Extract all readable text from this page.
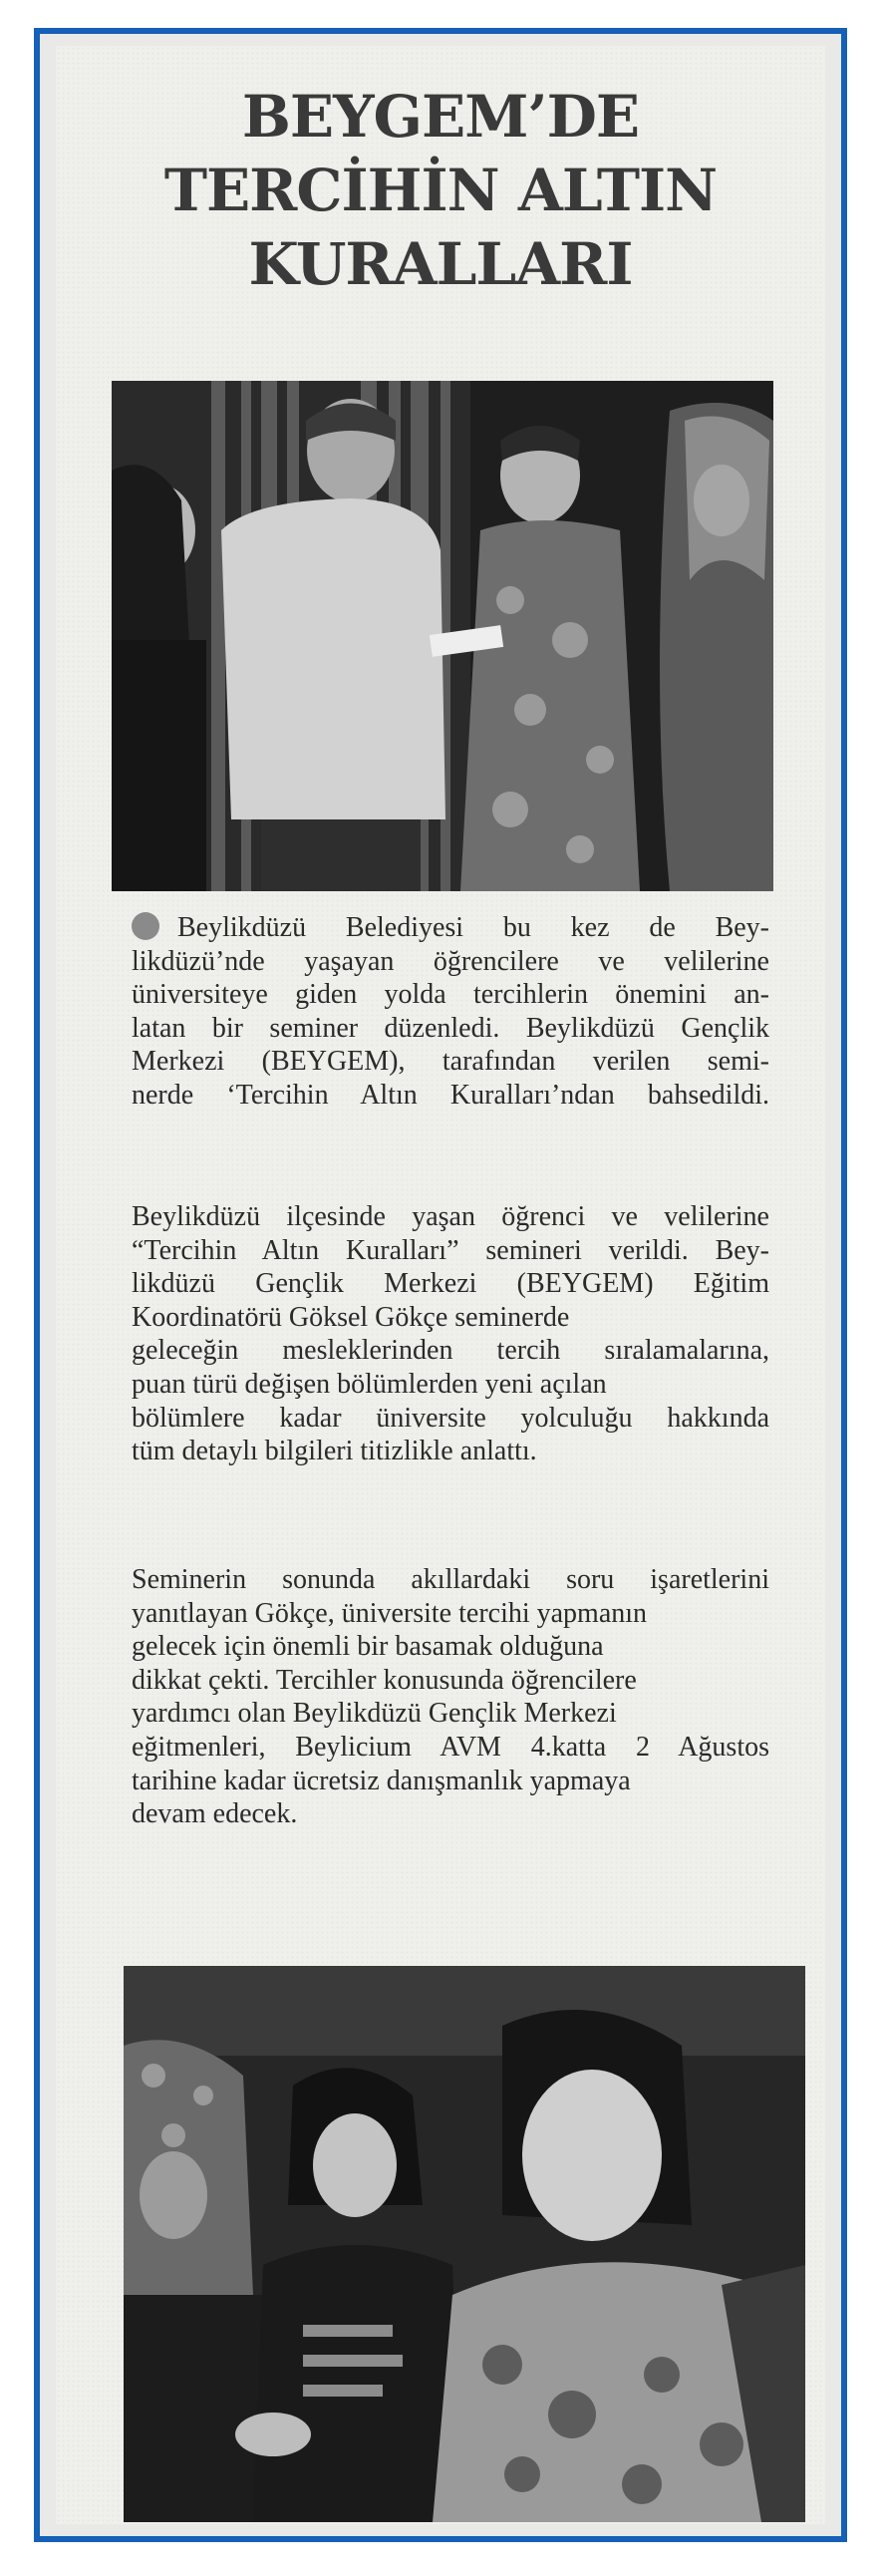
BEYGEM’DE
TERCİHİN ALTIN
KURALLARI
Beylikdüzü Belediyesi bu kez de Bey-
likdüzü’nde yaşayan öğrencilere ve velilerine
üniversiteye giden yolda tercihlerin önemini an-
latan bir seminer düzenledi. Beylikdüzü Gençlik
Merkezi (BEYGEM), tarafından verilen semi-
nerde ‘Tercihin Altın Kuralları’ndan bahsedildi.
Beylikdüzü ilçesinde yaşan öğrenci ve velilerine
“Tercihin Altın Kuralları” semineri verildi. Bey-
likdüzü Gençlik Merkezi (BEYGEM) Eğitim
Koordinatörü Göksel Gökçe seminerde
geleceğin mesleklerinden tercih sıralamalarına,
puan türü değişen bölümlerden yeni açılan
bölümlere kadar üniversite yolculuğu hakkında
tüm detaylı bilgileri titizlikle anlattı.
Seminerin sonunda akıllardaki soru işaretlerini
yanıtlayan Gökçe, üniversite tercihi yapmanın
gelecek için önemli bir basamak olduğuna
dikkat çekti. Tercihler konusunda öğrencilere
yardımcı olan Beylikdüzü Gençlik Merkezi
eğitmenleri, Beylicium AVM 4.katta 2 Ağustos
tarihine kadar ücretsiz danışmanlık yapmaya
devam edecek.
